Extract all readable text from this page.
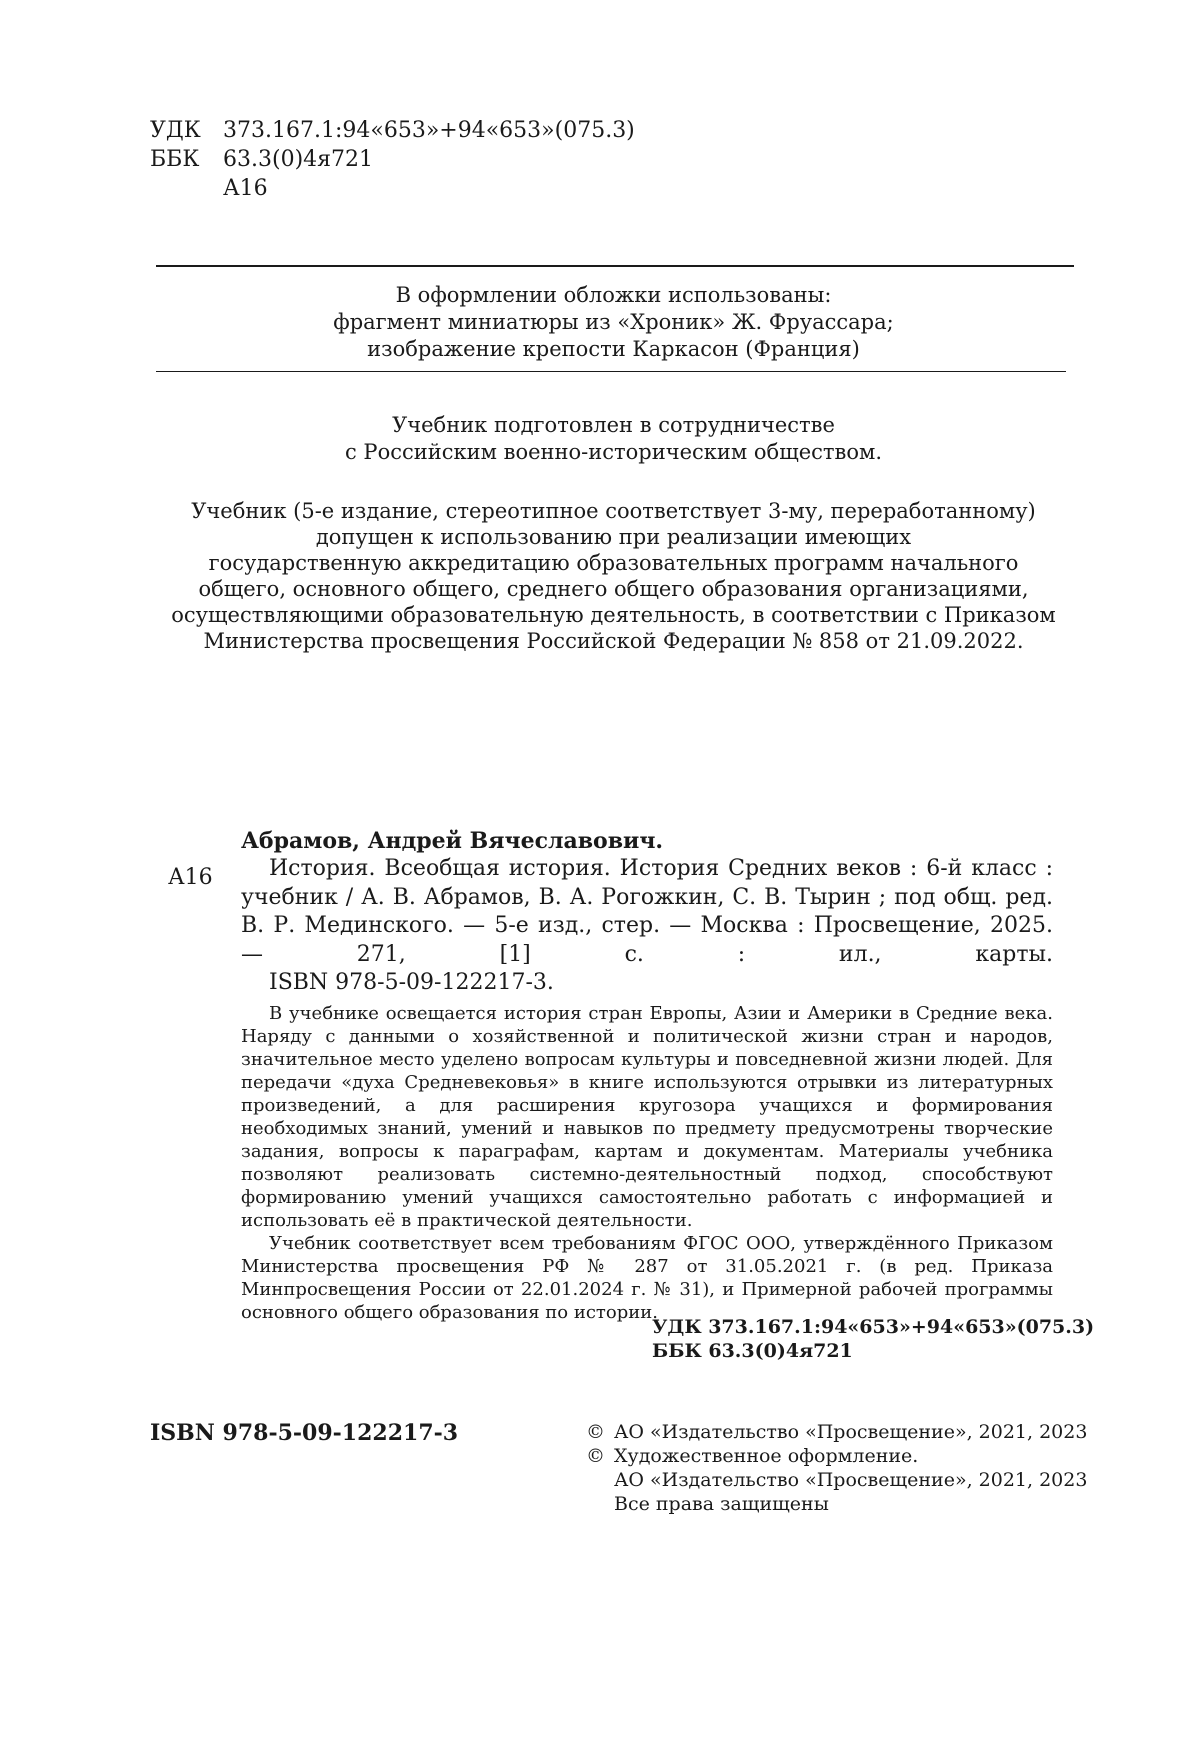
УДК	373.167.1:94«653»+94«653»(075.3)
ББК	63.3(0)4я721
А16
В оформлении обложки использованы:
фрагмент миниатюры из «Хроник» Ж. Фруассара;
изображение крепости Каркасон (Франция)
Учебник подготовлен в сотрудничестве
с Российским военно-историческим обществом.
Учебник (5-е издание, стереотипное соответствует 3-му, переработанному)
допущен к использованию при реализации имеющих
государственную аккредитацию образовательных программ начального
общего, основного общего, среднего общего образования организациями,
осуществляющими образовательную деятельность, в соответствии с Приказом
Министерства просвещения Российской Федерации № 858 от 21.09.2022.
А16
Абрамов, Андрей Вячеславович.

История. Всеобщая история. История Средних веков : 6-й класс : учебник / А. В. Абрамов, В. А. Рогожкин, С. В. Тырин ; под общ. ред. В. Р. Мединского. — 5-е изд., стер. — Москва : Просвещение, 2025. — 271, [1] с. : ил., карты.

ISBN 978-5-09-122217-3.

В учебнике освещается история стран Европы, Азии и Америки в Средние века. Наряду с данными о хозяйственной и политической жизни стран и народов, значительное место уделено вопросам культуры и повседневной жизни людей. Для передачи «духа Средневековья» в книге используются отрывки из литературных произведений, а для расширения кругозора учащихся и формирования необходимых знаний, умений и навыков по предмету предусмотрены творческие задания, вопросы к параграфам, картам и документам. Материалы учебника позволяют реализовать системно-деятельностный подход, способствуют формированию умений учащихся самостоятельно работать с информацией и использовать её в практической деятельности.

Учебник соответствует всем требованиям ФГОС ООО, утверждённого Приказом Министерства просвещения РФ № 287 от 31.05.2021 г. (в ред. Приказа Минпросвещения России от 22.01.2024 г. № 31), и Примерной рабочей программы основного общего образования по истории.

УДК 373.167.1:94«653»+94«653»(075.3)
ББК 63.3(0)4я721
ISBN 978-5-09-122217-3	© АО «Издательство «Просвещение», 2021, 2023
© Художественное оформление.
АО «Издательство «Просвещение», 2021, 2023
Все права защищены
